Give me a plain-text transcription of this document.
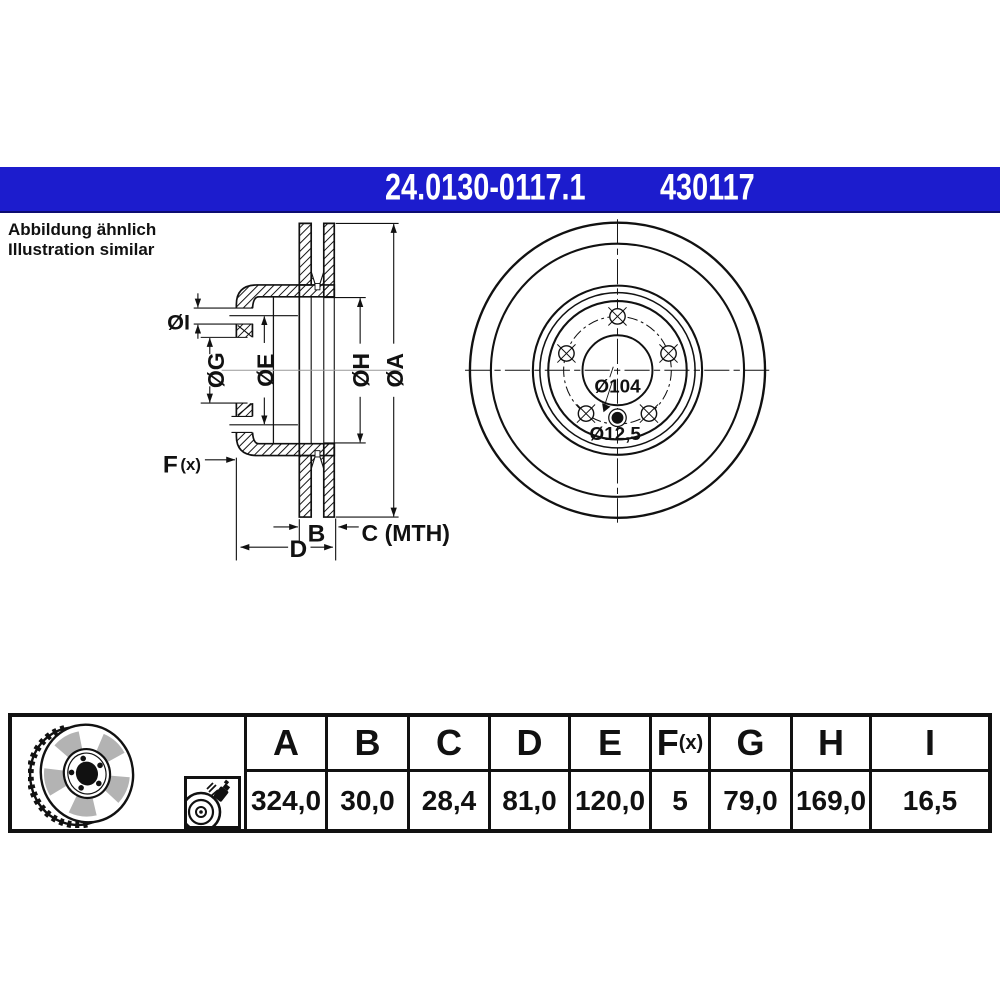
24.0130-0117.1 430117
Abbildung ähnlich
Illustration similar
ØI
ØG ØE ØH ØA
F (x)
B C (MTH)
D
Ø104
Ø12,5
A B C D E F (x) G H I
324,0 30,0 28,4 81,0 120,0 5	79,0 169,0	16,5
